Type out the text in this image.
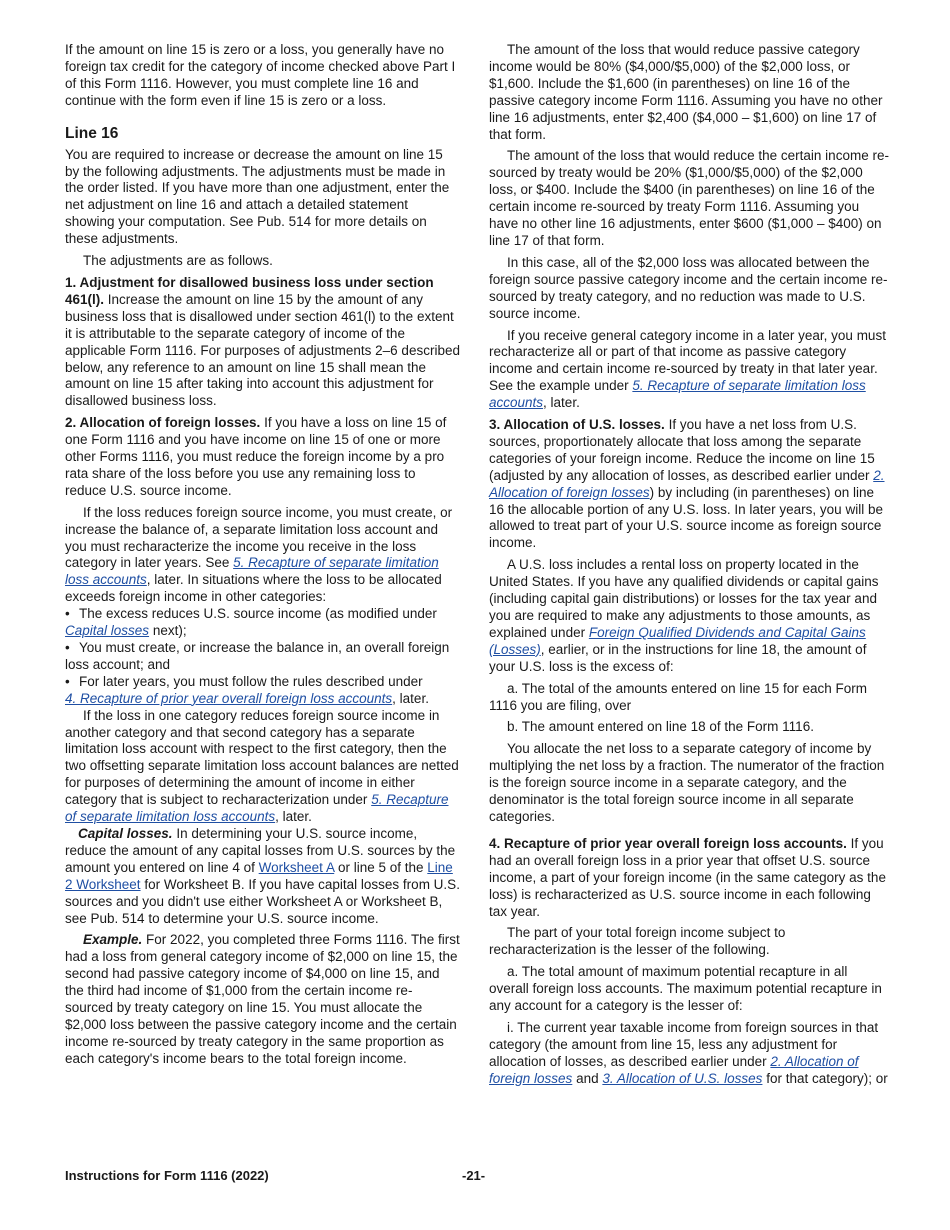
If the amount on line 15 is zero or a loss, you generally have no foreign tax credit for the category of income checked above Part I of this Form 1116. However, you must complete line 16 and continue with the form even if line 15 is zero or a loss.

Line 16

You are required to increase or decrease the amount on line 15 by the following adjustments. The adjustments must be made in the order listed. If you have more than one adjustment, enter the net adjustment on line 16 and attach a detailed statement showing your computation. See Pub. 514 for more details on these adjustments.

The adjustments are as follows.

1. Adjustment for disallowed business loss under section 461(l). Increase the amount on line 15 by the amount of any business loss that is disallowed under section 461(l) to the extent it is attributable to the separate category of income of the applicable Form 1116. For purposes of adjustments 2–6 described below, any reference to an amount on line 15 shall mean the amount on line 15 after taking into account this adjustment for disallowed business loss.

2. Allocation of foreign losses. If you have a loss on line 15 of one Form 1116 and you have income on line 15 of one or more other Forms 1116, you must reduce the foreign income by a pro rata share of the loss before you use any remaining loss to reduce U.S. source income.

If the loss reduces foreign source income, you must create, or increase the balance of, a separate limitation loss account and you must recharacterize the income you receive in the loss category in later years. See 5. Recapture of separate limitation loss accounts, later. In situations where the loss to be allocated exceeds foreign income in other categories:

• The excess reduces U.S. source income (as modified under Capital losses next);

• You must create, or increase the balance in, an overall foreign loss account; and

• For later years, you must follow the rules described under

4. Recapture of prior year overall foreign loss accounts, later.

If the loss in one category reduces foreign source income in another category and that second category has a separate limitation loss account with respect to the first category, then the two offsetting separate limitation loss account balances are netted for purposes of determining the amount of income in either category that is subject to recharacterization under 5. Recapture of separate limitation loss accounts, later.

Capital losses. In determining your U.S. source income, reduce the amount of any capital losses from U.S. sources by the amount you entered on line 4 of Worksheet A or line 5 of the Line 2 Worksheet for Worksheet B. If you have capital losses from U.S. sources and you didn't use either Worksheet A or Worksheet B, see Pub. 514 to determine your U.S. source income.

Example. For 2022, you completed three Forms 1116. The first had a loss from general category income of $2,000 on line 15, the second had passive category income of $4,000 on line 15, and the third had income of $1,000 from the certain income re-sourced by treaty category on line 15. You must allocate the $2,000 loss between the passive category income and the certain income re-sourced by treaty category in the same proportion as each category's income bears to the total foreign income.

The amount of the loss that would reduce passive category income would be 80% ($4,000/$5,000) of the $2,000 loss, or $1,600. Include the $1,600 (in parentheses) on line 16 of the passive category income Form 1116. Assuming you have no other line 16 adjustments, enter $2,400 ($4,000 – $1,600) on line 17 of that form.

The amount of the loss that would reduce the certain income re-sourced by treaty would be 20% ($1,000/$5,000) of the $2,000 loss, or $400. Include the $400 (in parentheses) on line 16 of the certain income re-sourced by treaty Form 1116. Assuming you have no other line 16 adjustments, enter $600 ($1,000 – $400) on line 17 of that form.

In this case, all of the $2,000 loss was allocated between the foreign source passive category income and the certain income re-sourced by treaty category, and no reduction was made to U.S. source income.

If you receive general category income in a later year, you must recharacterize all or part of that income as passive category income and certain income re-sourced by treaty in that later year. See the example under 5. Recapture of separate limitation loss accounts, later.

3. Allocation of U.S. losses. If you have a net loss from U.S. sources, proportionately allocate that loss among the separate categories of your foreign income. Reduce the income on line 15 (adjusted by any allocation of losses, as described earlier under 2. Allocation of foreign losses) by including (in parentheses) on line 16 the allocable portion of any U.S. loss. In later years, you will be allowed to treat part of your U.S. source income as foreign source income.

A U.S. loss includes a rental loss on property located in the United States. If you have any qualified dividends or capital gains (including capital gain distributions) or losses for the tax year and you are required to make any adjustments to those amounts, as explained under Foreign Qualified Dividends and Capital Gains (Losses), earlier, or in the instructions for line 18, the amount of your U.S. loss is the excess of:

a. The total of the amounts entered on line 15 for each Form 1116 you are filing, over

b. The amount entered on line 18 of the Form 1116.

You allocate the net loss to a separate category of income by multiplying the net loss by a fraction. The numerator of the fraction is the foreign source income in a separate category, and the denominator is the total foreign source income in all separate categories.

4. Recapture of prior year overall foreign loss accounts. If you had an overall foreign loss in a prior year that offset U.S. source income, a part of your foreign income (in the same category as the loss) is recharacterized as U.S. source income in each following tax year.

The part of your total foreign income subject to recharacterization is the lesser of the following.

a. The total amount of maximum potential recapture in all overall foreign loss accounts. The maximum potential recapture in any account for a category is the lesser of:

i. The current year taxable income from foreign sources in that category (the amount from line 15, less any adjustment for allocation of losses, as described earlier under 2. Allocation of foreign losses and 3. Allocation of U.S. losses for that category); or

Instructions for Form 1116 (2022)	-21-
